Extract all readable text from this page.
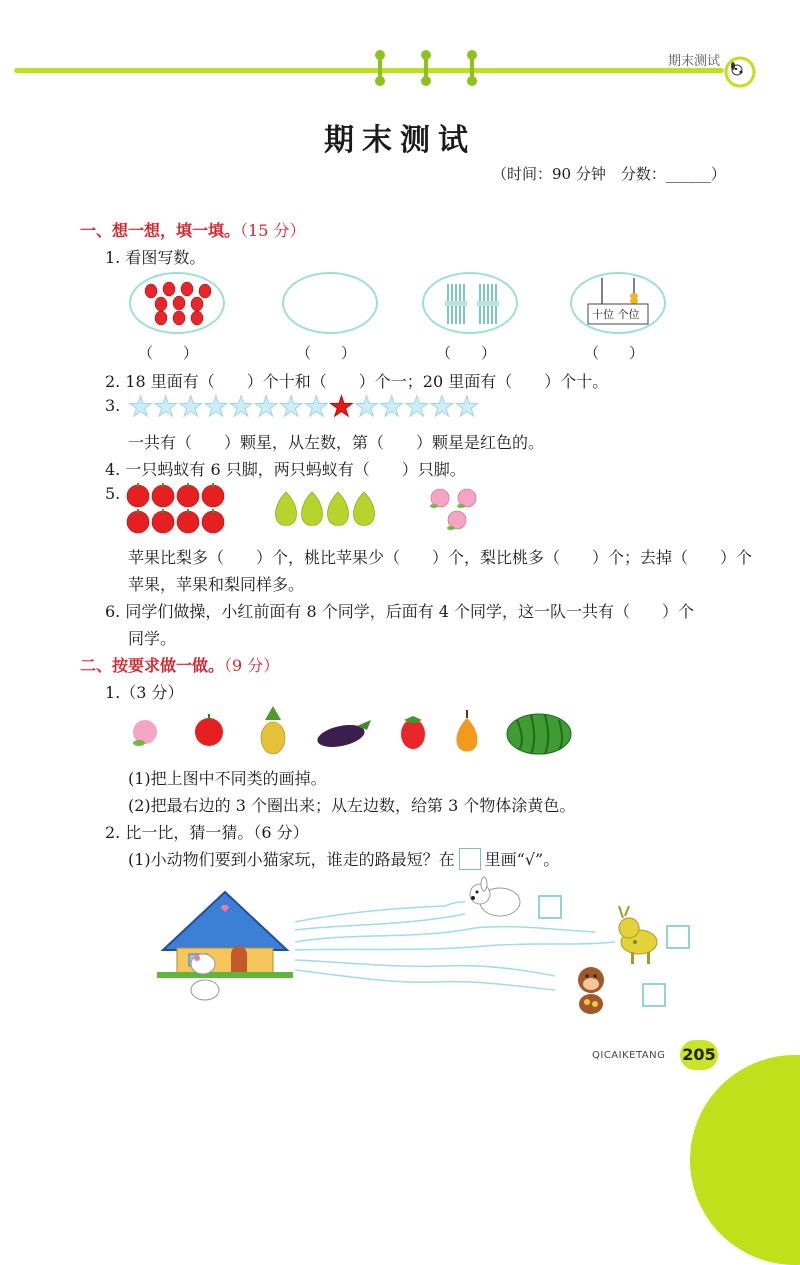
期末测试
期末测试
（时间：90 分钟　分数：______）
一、想一想，填一填。（15 分）
1. 看图写数。
十位 个位
（　　）	（　　）	（　　）	（　　）
2. 18 里面有（　　）个十和（　　）个一；20 里面有（　　）个十。
3. ★★★★★★★★★★★★★★
一共有（　　）颗星，从左数，第（　　）颗星是红色的。
4. 一只蚂蚁有 6 只脚，两只蚂蚁有（　　）只脚。
5.
苹果比梨多（　　）个，桃比苹果少（　　）个，梨比桃多（　　）个；去掉（　　）个
苹果，苹果和梨同样多。
6. 同学们做操，小红前面有 8 个同学，后面有 4 个同学，这一队一共有（　　）个
同学。
二、按要求做一做。（9 分）
1.（3 分）
(1)把上图中不同类的画掉。
(2)把最右边的 3 个圈出来；从左边数，给第 3 个物体涂黄色。
2. 比一比，猜一猜。（6 分）
(1)小动物们要到小猫家玩，谁走的路最短？在 里画“√”。
QICAIKETANG 205
